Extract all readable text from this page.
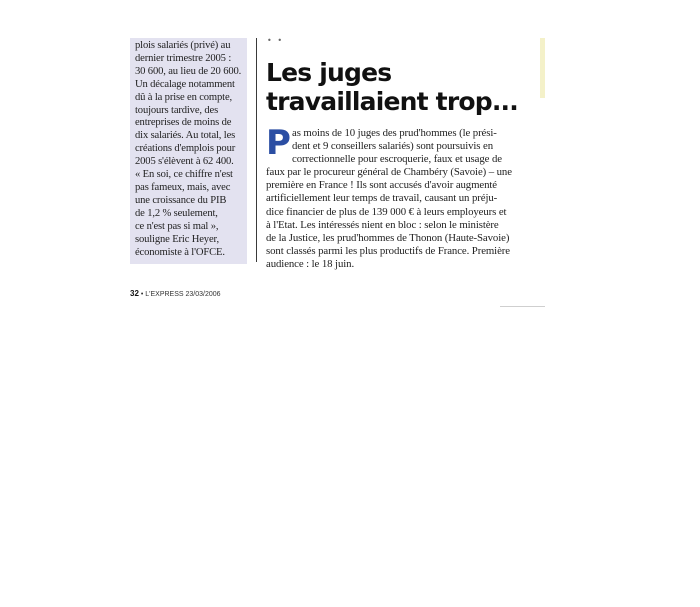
plois salariés (privé) au
dernier trimestre 2005 :
30 600, au lieu de 20 600.
Un décalage notamment
dû à la prise en compte,
toujours tardive, des
entreprises de moins de
dix salariés. Au total, les
créations d'emplois pour
2005 s'élèvent à 62 400.
« En soi, ce chiffre n'est
pas fameux, mais, avec
une croissance du PIB
de 1,2 % seulement,
ce n'est pas si mal »,
souligne Eric Heyer,
économiste à l'OFCE.

• •
Les juges
travaillaient trop...
P as moins de 10 juges des prud'hommes (le prési-
dent et 9 conseillers salariés) sont poursuivis en
correctionnelle pour escroquerie, faux et usage de
faux par le procureur général de Chambéry (Savoie) – une
première en France ! Ils sont accusés d'avoir augmenté
artificiellement leur temps de travail, causant un préju-
dice financier de plus de 139 000 € à leurs employeurs et
à l'Etat. Les intéressés nient en bloc : selon le ministère
de la Justice, les prud'hommes de Thonon (Haute-Savoie)
sont classés parmi les plus productifs de France. Première
audience : le 18 juin.
32 • L'EXPRESS 23/03/2006
